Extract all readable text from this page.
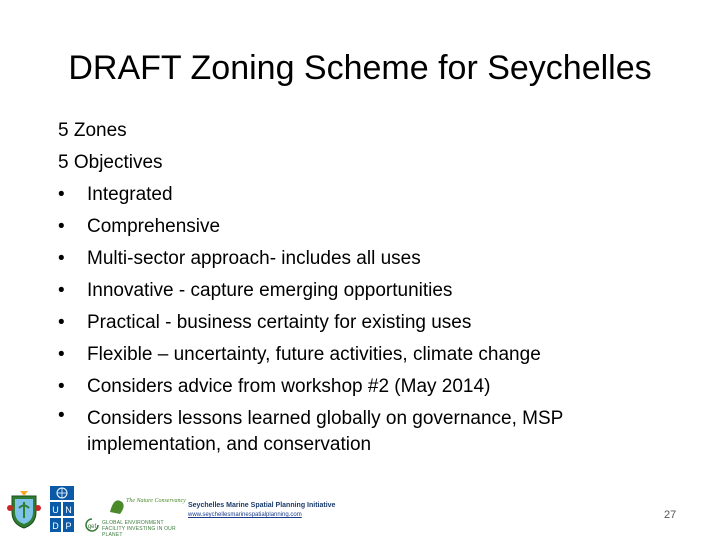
DRAFT Zoning Scheme for Seychelles
5 Zones
5 Objectives
• Integrated
• Comprehensive
• Multi-sector approach- includes all uses
• Innovative - capture emerging opportunities
• Practical - business certainty for existing uses
• Flexible – uncertainty, future activities, climate change
• Considers advice from workshop #2 (May 2014)
• Considers lessons learned globally on governance, MSP implementation, and conservation
U N
D P
The Nature Conservancy
gef
GLOBAL ENVIRONMENT FACILITY INVESTING IN OUR PLANET
Seychelles Marine Spatial Planning Initiative
www.seychellesmarinespatialplanning.com	27
